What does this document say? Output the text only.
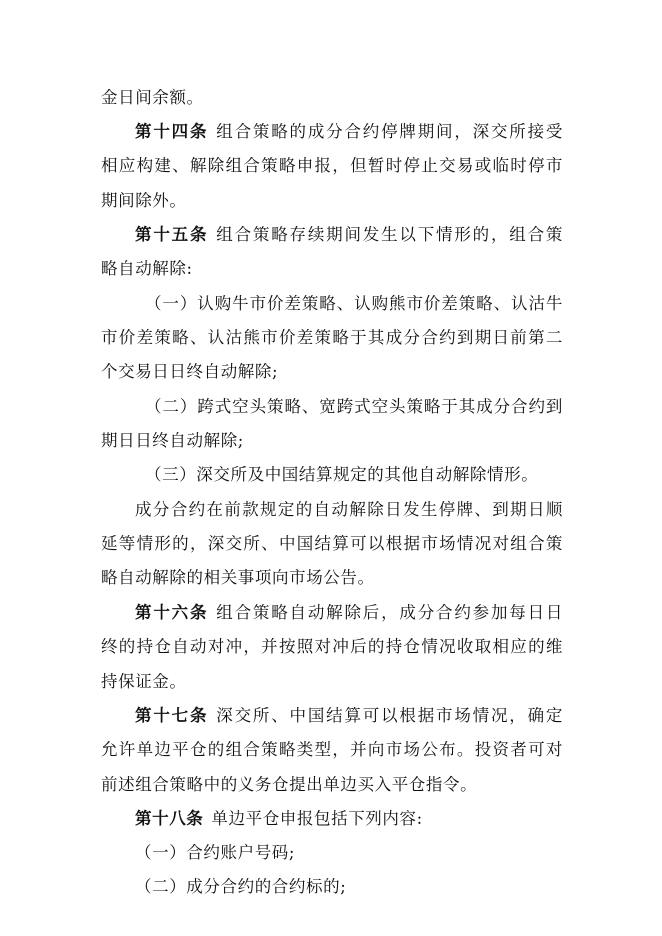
金日间余额。
第十四条 组合策略的成分合约停牌期间，深交所接受
相应构建、解除组合策略申报，但暂时停止交易或临时停市
期间除外。
第十五条 组合策略存续期间发生以下情形的，组合策
略自动解除:
（一）认购牛市价差策略、认购熊市价差策略、认沽牛
市价差策略、认沽熊市价差策略于其成分合约到期日前第二
个交易日日终自动解除;
（二）跨式空头策略、宽跨式空头策略于其成分合约到
期日日终自动解除;
（三）深交所及中国结算规定的其他自动解除情形。
成分合约在前款规定的自动解除日发生停牌、到期日顺
延等情形的，深交所、中国结算可以根据市场情况对组合策
略自动解除的相关事项向市场公告。
第十六条 组合策略自动解除后，成分合约参加每日日
终的持仓自动对冲，并按照对冲后的持仓情况收取相应的维
持保证金。
第十七条 深交所、中国结算可以根据市场情况，确定
允许单边平仓的组合策略类型，并向市场公布。投资者可对
前述组合策略中的义务仓提出单边买入平仓指令。
第十八条 单边平仓申报包括下列内容:
（一）合约账户号码;
（二）成分合约的合约标的;
